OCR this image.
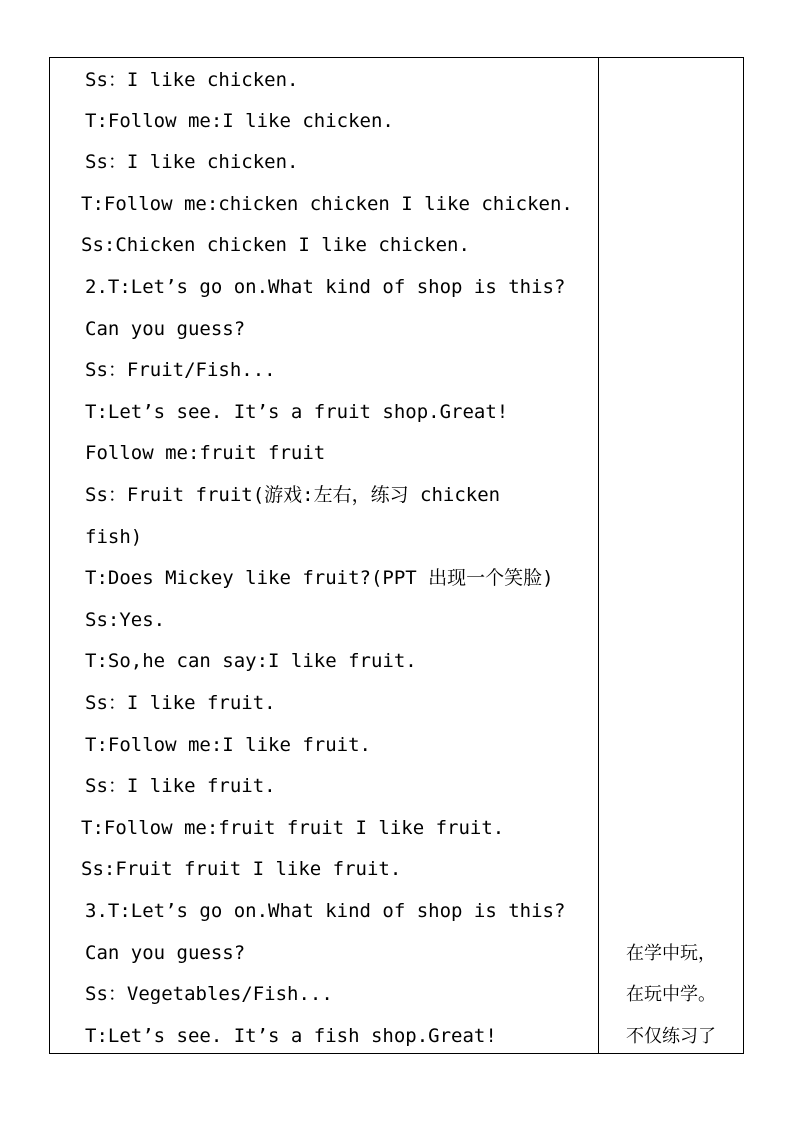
Ss：I like chicken.
T:Follow me:I like chicken.
Ss：I like chicken.
T:Follow me:chicken chicken I like chicken.
Ss:Chicken chicken I like chicken.
2.T:Let’s go on.What kind of shop is this?
Can you guess?
Ss：Fruit/Fish...
T:Let’s see. It’s a fruit shop.Great!
Follow me:fruit fruit
Ss：Fruit fruit(游戏:左右，练习 chicken
fish)
T:Does Mickey like fruit?(PPT 出现一个笑脸)
Ss:Yes.
T:So,he can say:I like fruit.
Ss：I like fruit.
T:Follow me:I like fruit.
Ss：I like fruit.
T:Follow me:fruit fruit I like fruit.
Ss:Fruit fruit I like fruit.
3.T:Let’s go on.What kind of shop is this?
Can you guess?
Ss：Vegetables/Fish...
T:Let’s see. It’s a fish shop.Great!
在学中玩，
在玩中学。
不仅练习了
